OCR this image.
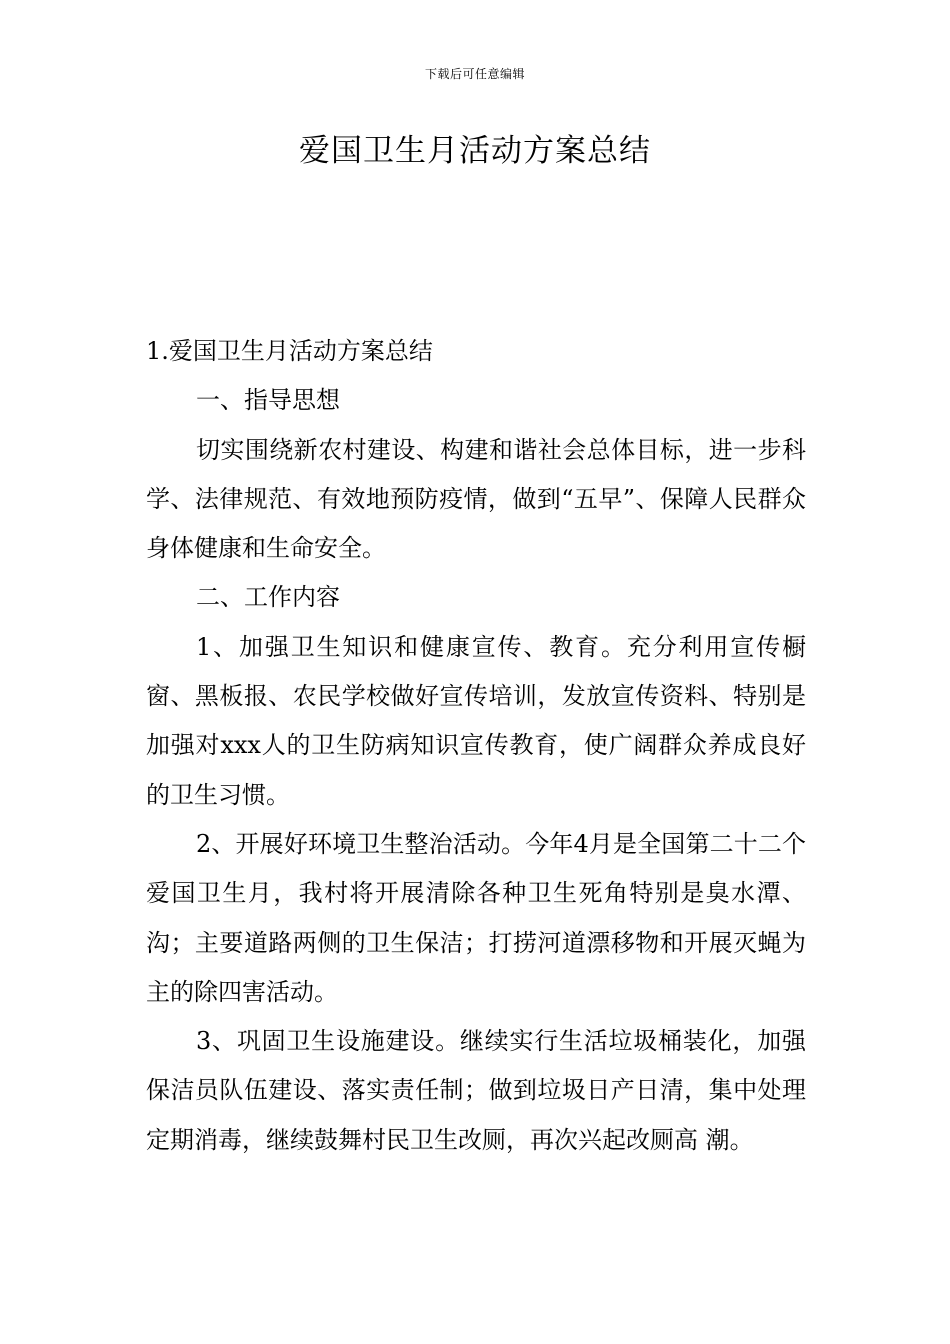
下载后可任意编辑
爱国卫生月活动方案总结

1.爱国卫生月活动方案总结

一、指导思想

切实围绕新农村建设、构建和谐社会总体目标，进一步科学、法律规范、有效地预防疫情，做到“五早”、保障人民群众身体健康和生命安全。

二、工作内容

1、加强卫生知识和健康宣传、教育。充分利用宣传橱窗、黑板报、农民学校做好宣传培训，发放宣传资料、特别是加强对xxx人的卫生防病知识宣传教育，使广阔群众养成良好的卫生习惯。

2、开展好环境卫生整治活动。今年4月是全国第二十二个爱国卫生月，我村将开展清除各种卫生死角特别是臭水潭、沟；主要道路两侧的卫生保洁；打捞河道漂移物和开展灭蝇为主的除四害活动。

3、巩固卫生设施建设。继续实行生活垃圾桶装化，加强保洁员队伍建设、落实责任制；做到垃圾日产日清，集中处理定期消毒，继续鼓舞村民卫生改厕，再次兴起改厕高 潮。
